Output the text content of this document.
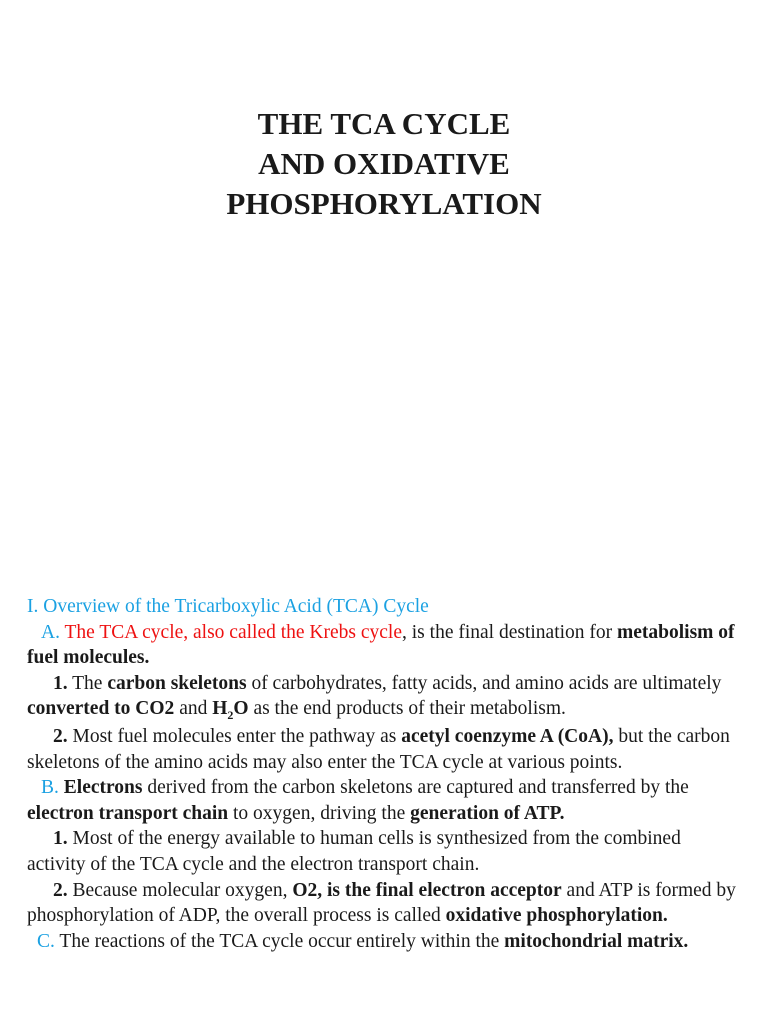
THE TCA CYCLE
AND OXIDATIVE
PHOSPHORYLATION

I. Overview of the Tricarboxylic Acid (TCA) Cycle

A. The TCA cycle, also called the Krebs cycle, is the final destination for metabolism of fuel molecules.

1. The carbon skeletons of carbohydrates, fatty acids, and amino acids are ultimately converted to CO2 and $H_2O$ as the end products of their metabolism.

2. Most fuel molecules enter the pathway as acetyl coenzyme A (CoA), but the carbon skeletons of the amino acids may also enter the TCA cycle at various points.

B. Electrons derived from the carbon skeletons are captured and transferred by the electron transport chain to oxygen, driving the generation of ATP.

1. Most of the energy available to human cells is synthesized from the combined activity of the TCA cycle and the electron transport chain.

2. Because molecular oxygen, O2, is the final electron acceptor and ATP is formed by phosphorylation of ADP, the overall process is called oxidative phosphorylation.

C. The reactions of the TCA cycle occur entirely within the mitochondrial matrix.
